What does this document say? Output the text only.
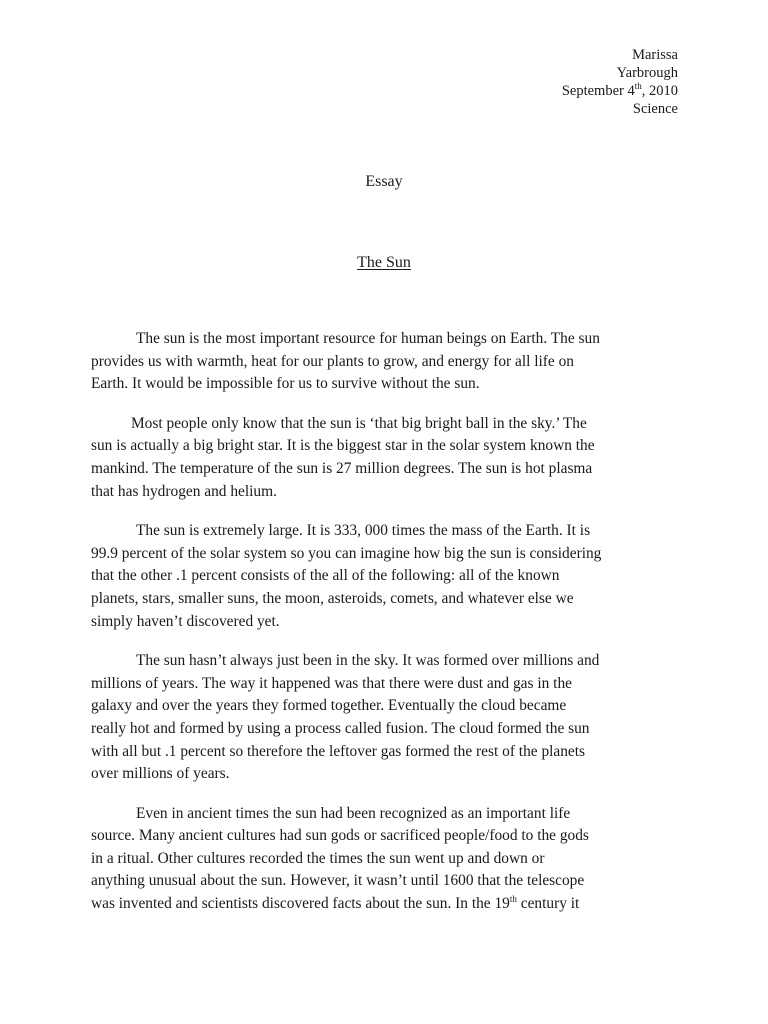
Marissa
Yarbrough
September 4th, 2010
Science
Essay
The Sun

The sun is the most important resource for human beings on Earth. The sun
provides us with warmth, heat for our plants to grow, and energy for all life on
Earth. It would be impossible for us to survive without the sun.

Most people only know that the sun is ‘that big bright ball in the sky.’ The
sun is actually a big bright star. It is the biggest star in the solar system known the
mankind. The temperature of the sun is 27 million degrees. The sun is hot plasma
that has hydrogen and helium.

The sun is extremely large. It is 333, 000 times the mass of the Earth. It is
99.9 percent of the solar system so you can imagine how big the sun is considering
that the other .1 percent consists of the all of the following: all of the known
planets, stars, smaller suns, the moon, asteroids, comets, and whatever else we
simply haven’t discovered yet.

The sun hasn’t always just been in the sky. It was formed over millions and
millions of years. The way it happened was that there were dust and gas in the
galaxy and over the years they formed together. Eventually the cloud became
really hot and formed by using a process called fusion. The cloud formed the sun
with all but .1 percent so therefore the leftover gas formed the rest of the planets
over millions of years.

Even in ancient times the sun had been recognized as an important life
source. Many ancient cultures had sun gods or sacrificed people/food to the gods
in a ritual. Other cultures recorded the times the sun went up and down or
anything unusual about the sun. However, it wasn’t until 1600 that the telescope
was invented and scientists discovered facts about the sun. In the 19th century it
